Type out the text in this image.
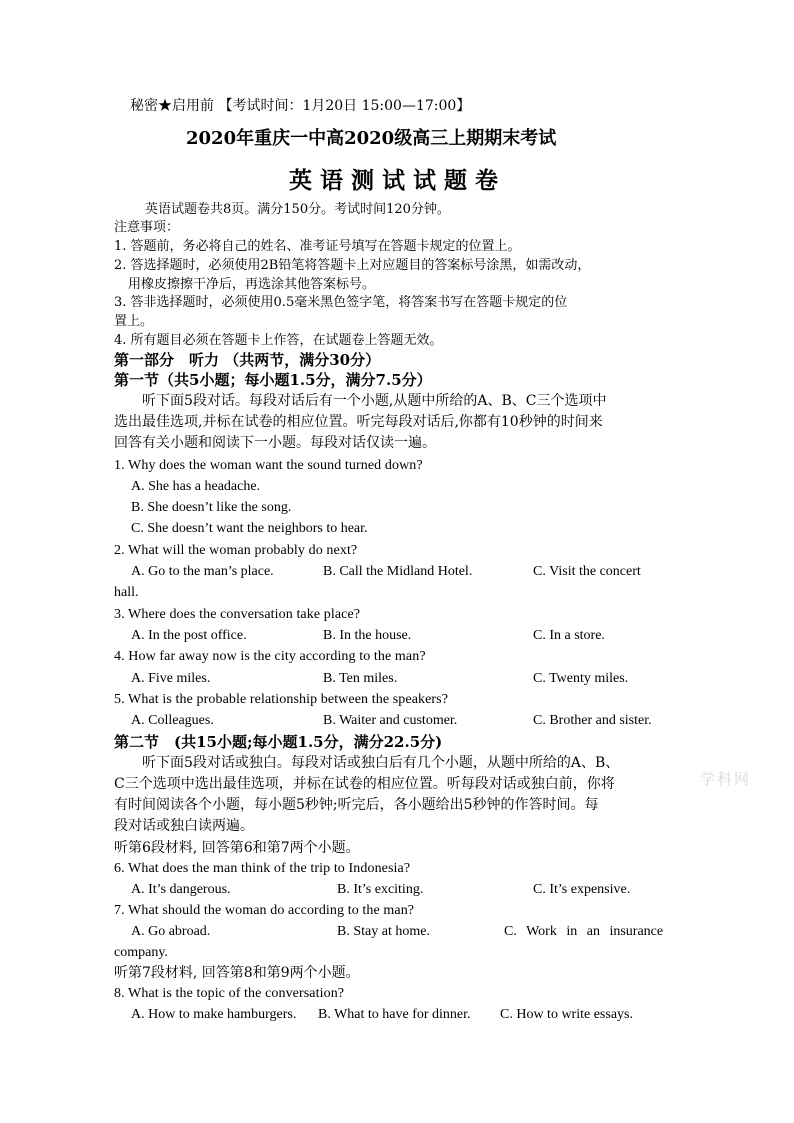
秘密★启用前 【考试时间：1月20日 15:00—17:00】
2020年重庆一中高2020级高三上期期末考试
英 语 测 试 试 题 卷
英语试题卷共8页。满分150分。考试时间120分钟。
注意事项：
1. 答题前，务必将自己的姓名、准考证号填写在答题卡规定的位置上。
2. 答选择题时，必须使用2B铅笔将答题卡上对应题目的答案标号涂黑，如需改动，
用橡皮擦擦干净后，再选涂其他答案标号。
3. 答非选择题时，必须使用0.5毫米黑色签字笔，将答案书写在答题卡规定的位
置上。
4. 所有题目必须在答题卡上作答，在试题卷上答题无效。
第一部分　听力 （共两节，满分30分）
第一节（共5小题；每小题1.5分，满分7.5分）
听下面5段对话。每段对话后有一个小题,从题中所给的A、B、C三个选项中
选出最佳选项,并标在试卷的相应位置。听完每段对话后,你都有10秒钟的时间来
回答有关小题和阅读下一小题。每段对话仅读一遍。
1. Why does the woman want the sound turned down?
A. She has a headache.
B. She doesn’t like the song.
C. She doesn’t want the neighbors to hear.
2. What will the woman probably do next?
A. Go to the man’s place.	B. Call the Midland Hotel.	C. Visit the concert
hall.
3. Where does the conversation take place?
A. In the post office.	B. In the house.	C. In a store.
4. How far away now is the city according to the man?
A. Five miles.	B. Ten miles.	C. Twenty miles.
5. What is the probable relationship between the speakers?
A. Colleagues.	B. Waiter and customer.	C. Brother and sister.
第二节　(共15小题;每小题1.5分，满分22.5分)
听下面5段对话或独白。每段对话或独白后有几个小题，从题中所给的A、B、
C三个选项中选出最佳选项，并标在试卷的相应位置。听每段对话或独白前，你将
有时间阅读各个小题，每小题5秒钟;听完后，各小题给出5秒钟的作答时间。每
段对话或独白读两遍。
听第6段材料, 回答第6和第7两个小题。
6. What does the man think of the trip to Indonesia?
A. It’s dangerous.	B. It’s exciting.	C. It’s expensive.
7. What should the woman do according to the man?
A. Go abroad.	B. Stay at home.	C. Work in an insurance
company.
听第7段材料, 回答第8和第9两个小题。
8. What is the topic of the conversation?
A. How to make hamburgers. B. What to have for dinner. C. How to write essays.
学科网
